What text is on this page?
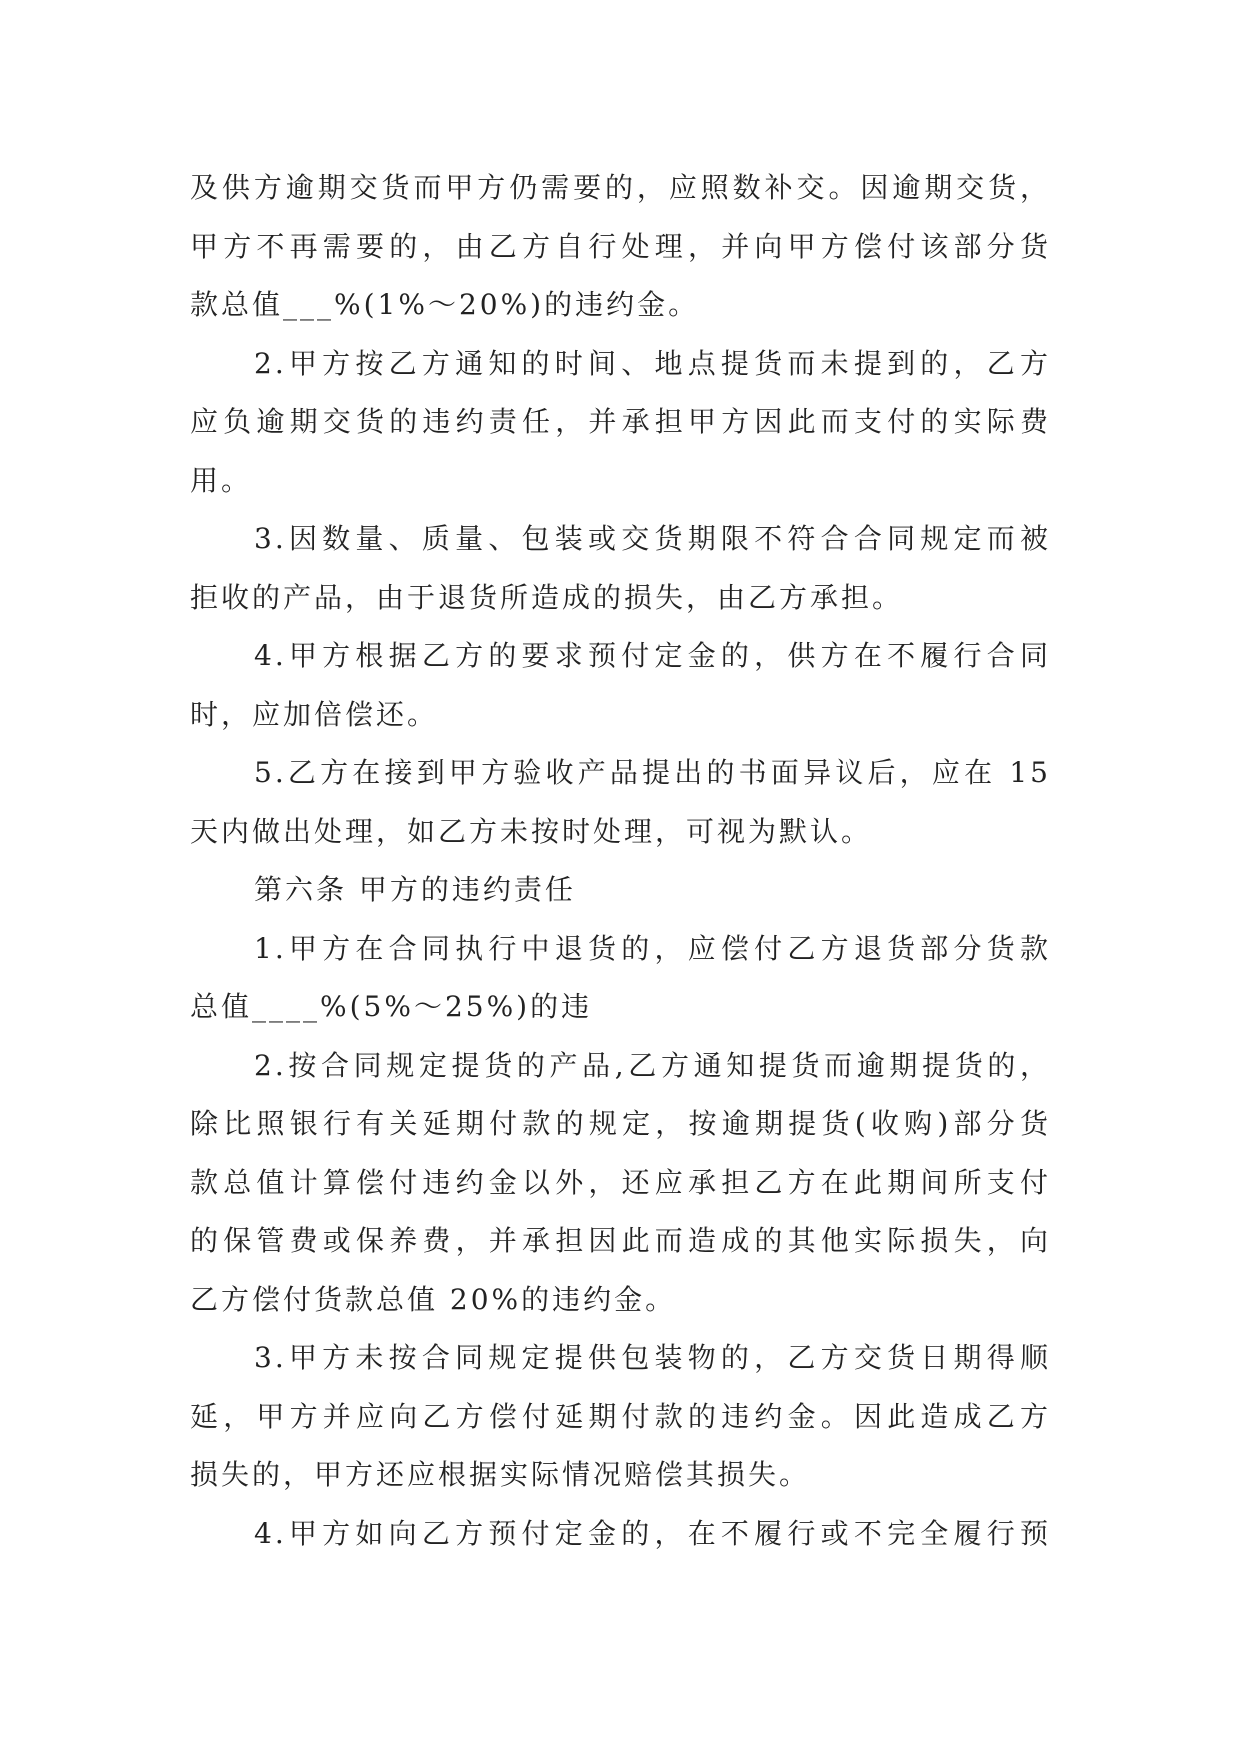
及供方逾期交货而甲方仍需要的，应照数补交。因逾期交货，
甲方不再需要的，由乙方自行处理，并向甲方偿付该部分货
款总值___%(1%～20%)的违约金。
2.甲方按乙方通知的时间、地点提货而未提到的，乙方
应负逾期交货的违约责任，并承担甲方因此而支付的实际费
用。
3.因数量、质量、包装或交货期限不符合合同规定而被
拒收的产品，由于退货所造成的损失，由乙方承担。
4.甲方根据乙方的要求预付定金的，供方在不履行合同
时，应加倍偿还。
5.乙方在接到甲方验收产品提出的书面异议后，应在 15
天内做出处理，如乙方未按时处理，可视为默认。
第六条 甲方的违约责任
1.甲方在合同执行中退货的，应偿付乙方退货部分货款
总值____%(5%～25%)的违
2.按合同规定提货的产品,乙方通知提货而逾期提货的，
除比照银行有关延期付款的规定，按逾期提货(收购)部分货
款总值计算偿付违约金以外，还应承担乙方在此期间所支付
的保管费或保养费，并承担因此而造成的其他实际损失，向
乙方偿付货款总值 20%的违约金。
3.甲方未按合同规定提供包装物的，乙方交货日期得顺
延，甲方并应向乙方偿付延期付款的违约金。因此造成乙方
损失的，甲方还应根据实际情况赔偿其损失。
4.甲方如向乙方预付定金的，在不履行或不完全履行预
